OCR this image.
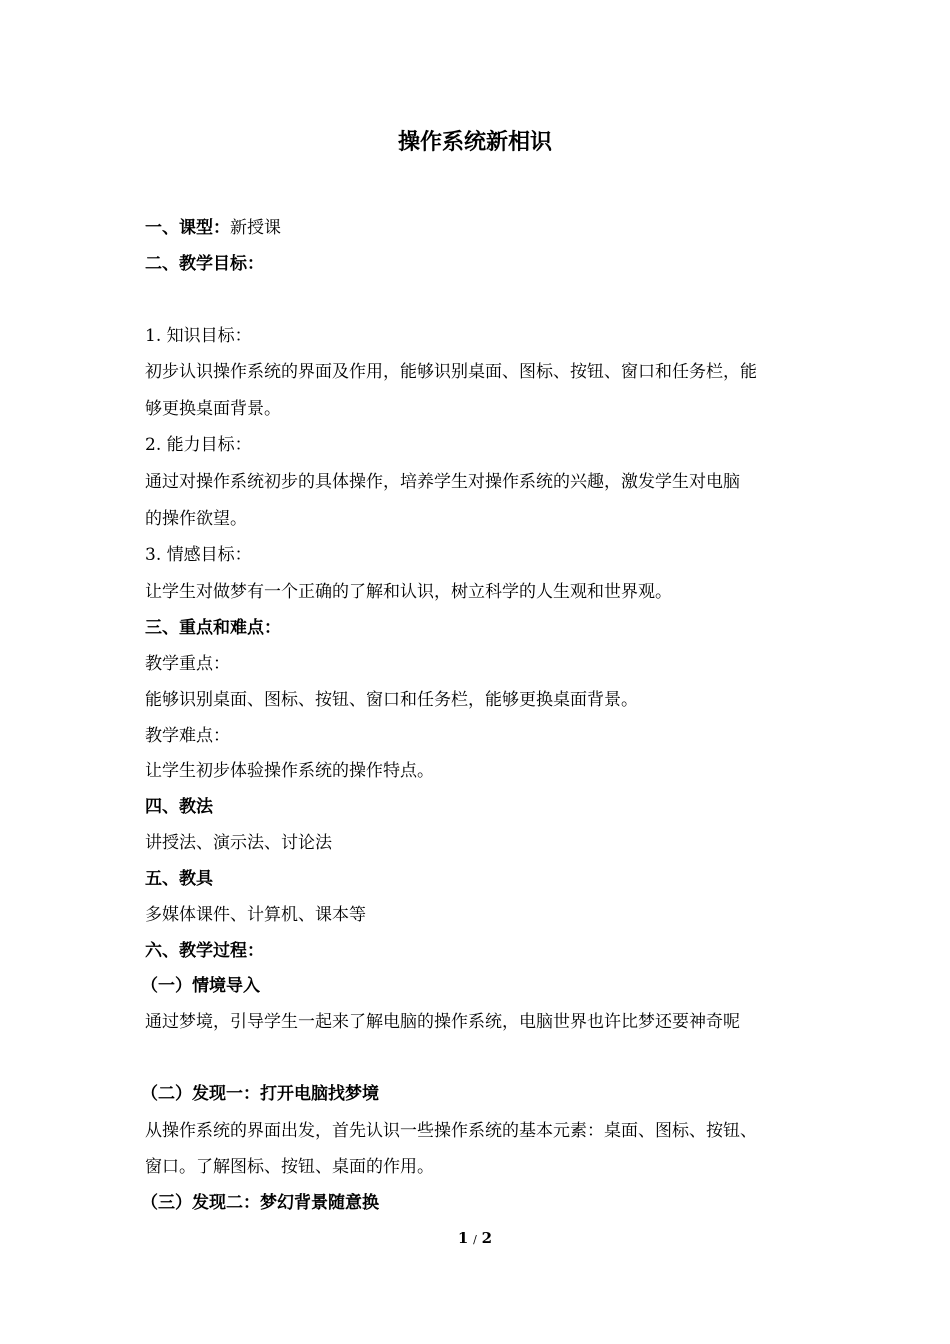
操作系统新相识
一、课型：新授课
二、教学目标：
1. 知识目标：
初步认识操作系统的界面及作用，能够识别桌面、图标、按钮、窗口和任务栏，能
够更换桌面背景。
2. 能力目标：
通过对操作系统初步的具体操作，培养学生对操作系统的兴趣，激发学生对电脑
的操作欲望。
3. 情感目标：
让学生对做梦有一个正确的了解和认识，树立科学的人生观和世界观。
三、重点和难点：
教学重点：
能够识别桌面、图标、按钮、窗口和任务栏，能够更换桌面背景。
教学难点：
让学生初步体验操作系统的操作特点。
四、教法
讲授法、演示法、讨论法
五、教具
多媒体课件、计算机、课本等
六、教学过程：
（一）情境导入
通过梦境，引导学生一起来了解电脑的操作系统，电脑世界也许比梦还要神奇呢
（二）发现一：打开电脑找梦境
从操作系统的界面出发，首先认识一些操作系统的基本元素：桌面、图标、按钮、
窗口。了解图标、按钮、桌面的作用。
（三）发现二：梦幻背景随意换
1 / 2
